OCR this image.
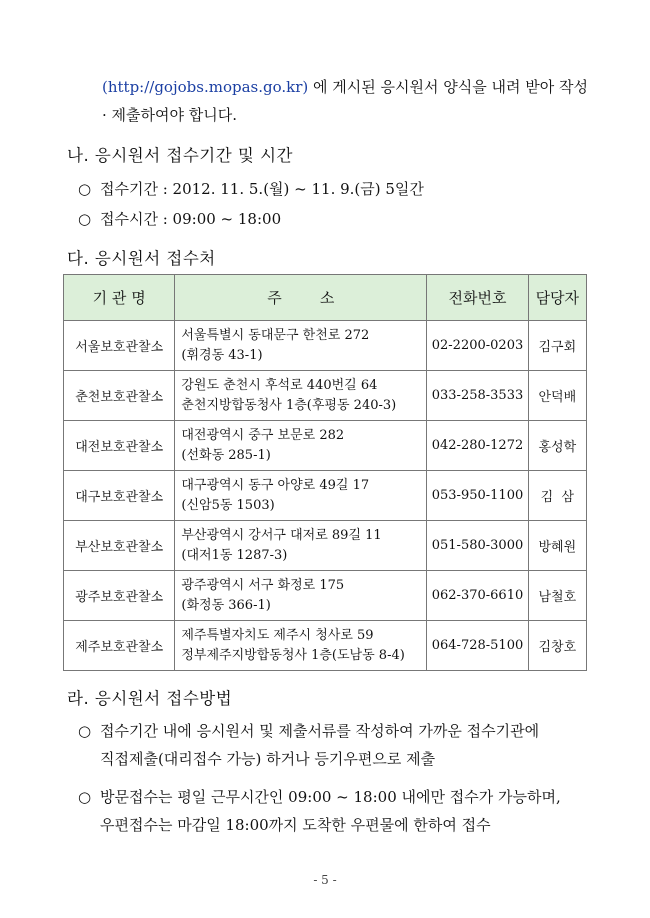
(http://gojobs.mopas.go.kr) 에 게시된 응시원서 양식을 내려 받아 작성
· 제출하여야 합니다.
나. 응시원서 접수기간 및 시간
○ 접수기간 : 2012. 11. 5.(월) ~ 11. 9.(금) 5일간
○ 접수시간 : 09:00 ~ 18:00
다. 응시원서 접수처
기 관 명	주        소	전화번호	담당자
서울보호관찰소	서울특별시 동대문구 한천로 272
(휘경동 43-1)	02-2200-0203	김구회
춘천보호관찰소	강원도 춘천시 후석로 440번길 64
춘천지방합동청사 1층(후평동 240-3)	033-258-3533	안덕배
대전보호관찰소	대전광역시 중구 보문로 282
(선화동 285-1)	042-280-1272	홍성학
대구보호관찰소	대구광역시 동구 아양로 49길 17
(신암5동 1503)	053-950-1100	김  삼
부산보호관찰소	부산광역시 강서구 대저로 89길 11
(대저1동 1287-3)	051-580-3000	방혜원
광주보호관찰소	광주광역시 서구 화정로 175
(화정동 366-1)	062-370-6610	남철호
제주보호관찰소	제주특별자치도 제주시 청사로 59
정부제주지방합동청사 1층(도남동 8-4)	064-728-5100	김창호
라. 응시원서 접수방법
○ 접수기간 내에 응시원서 및 제출서류를 작성하여 가까운 접수기관에
직접제출(대리접수 가능) 하거나 등기우편으로 제출
○ 방문접수는 평일 근무시간인 09:00 ~ 18:00 내에만 접수가 가능하며,
우편접수는 마감일 18:00까지 도착한 우편물에 한하여 접수
- 5 -
